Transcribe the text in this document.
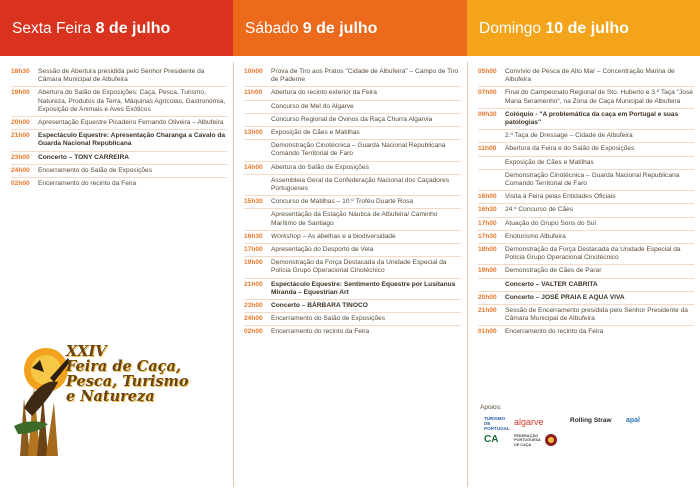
Sexta Feira 8 de julho
18h30	Sessão de Abertura presidida pelo Senhor Presidente da Câmara Municipal de Albufeira
19h00	Abertura do Salão de Exposições: Caça, Pesca, Turismo, Natureza, Produtos da Terra, Máquinas Agrícolas, Gastronomia, Exposição de Animais e Aves Exóticos
20h00	Apresentação Equestre Picadeiro Fernando Oliveira – Albufeira
21h00	Espectáculo Equestre: Apresentação Charanga a Cavalo da Guarda Nacional Republicana
23h00	Concerto – TONY CARREIRA
24h00	Encerramento do Salão de Exposições
02h00	Encerramento do recinto da Feira
XXIV
Feira de Caça,
Pesca, Turismo
e Natureza
Sábado 9 de julho
10h00	Prova de Tiro aos Pratos "Cidade de Albufeira" – Campo de Tiro de Paderne
11h00	Abertura do recinto exterior da Feira
Concurso de Mel do Algarve
Concurso Regional de Ovinos da Raça Churra Algarvia
13h00	Exposição de Cães e Matilhas
Demonstração Cinotécnica – Guarda Nacional Republicana Comando Territorial de Faro
14h00	Abertura do Salão de Exposições
Assembleia Geral da Confederação Nacional dos Caçadores Portugueses
15h30	Concurso de Matilhas – 10.º Troféu Duarte Rosa
Apresentação da Estação Náutica de Albufeira/ Caminho Marítimo de Santiago
16h30	Workshop – As abelhas e a biodiversidade
17h00	Apresentação do Desporto de Vela
19h00	Demonstração da Força Destacada da Unidade Especial da Polícia Grupo Operacional Cinotécnico
21h00	Espectáculo Equestre: Sentimento Equestre por Lusitanus Miranda – Equestrian Art
23h00	Concerto – BÁRBARA TINOCO
24h00	Encerramento do Salão de Exposições
02h00	Encerramento do recinto da Feira
Domingo 10 de julho
05h00	Convívio de Pesca de Alto Mar – Concentração Marina de Albufeira
07h00	Final do Campeonato Regional de Sto. Huberto e 3.º Taça "José Maria Seramenho", na Zona de Caça Municipal de Albufeira
09h30	Colóquio - "A problemática da caça em Portugal e suas patologias"
2.º Taça de Dressage – Cidade de Albufeira
11h00	Abertura da Feira e do Salão de Exposições
Exposição de Cães e Matilhas
Demonstração Cinotécnica – Guarda Nacional Republicana Comando Territorial de Faro
16h00	Visita à Feira pelas Entidades Oficiais
16h30	24.º Concurso de Cães
17h00	Atuação do Grupo Sons do Sul
17h30	Enoturismo Albufeira
18h00	Demonstração da Força Destacada da Unidade Especial da Polícia Grupo Operacional Cinotécnico
19h00	Demonstração de Cães de Parar
Concerto – VALTER CABRITA
20h00	Concerto – JOSÉ PRAIA E AQUA VIVA
21h00	Sessão de Encerramento presidida pelo Senhor Presidente da Câmara Municipal de Albufeira
01h00	Encerramento do recinto da Feira
Apoios:
TURISMO DE PORTUGAL
algarve	Rolling Straw apal
CA	FEDERAÇÃO PORTUGUESA DE CAÇA
